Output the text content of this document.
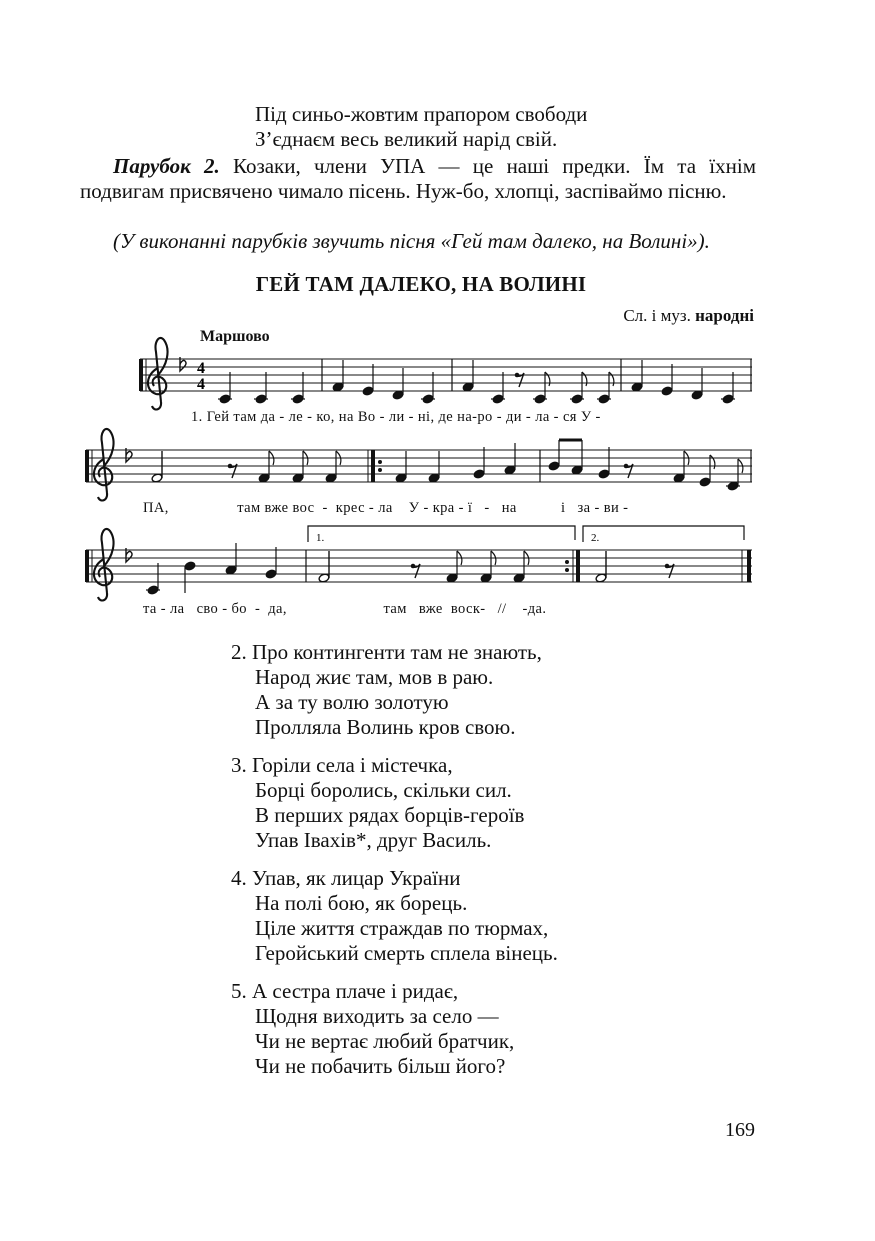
Під синьо-жовтим прапором свободи
З’єднаєм весь великий нарід свій.
Парубок 2. Козаки, члени УПА — це наші предки. Їм та їхнім подвигам присвячено чимало пісень. Нуж-бо, хлопці, заспіваймо пісню.
(У виконанні парубків звучить пісня «Гей там далеко, на Волині»).
ГЕЙ ТАМ ДАЛЕКО, НА ВОЛИНІ
Сл. і муз. народні
Маршово
4
4
1.	2.
1. Гей там да - ле - ко, на Во - ли - ні, де на-ро - ди - ла - ся У -
ПА,                 там вже вос  -  крес - ла    У - кра - ї   -   на           і   за - ви -
та - ла   сво - бо  -  да,                        там   вже  воск-   //    -да.
2. Про контингенти там не знають,
Народ жиє там, мов в раю.
А за ту волю золотую
Пролляла Волинь кров свою.
3. Горіли села і містечка,
Борці боролись, скільки сил.
В перших рядах борців-героїв
Упав Івахів*, друг Василь.
4. Упав, як лицар України
На полі бою, як борець.
Ціле життя страждав по тюрмах,
Геройський смерть сплела вінець.
5. А сестра плаче і ридає,
Щодня виходить за село —
Чи не вертає любий братчик,
Чи не побачить більш його?
169
